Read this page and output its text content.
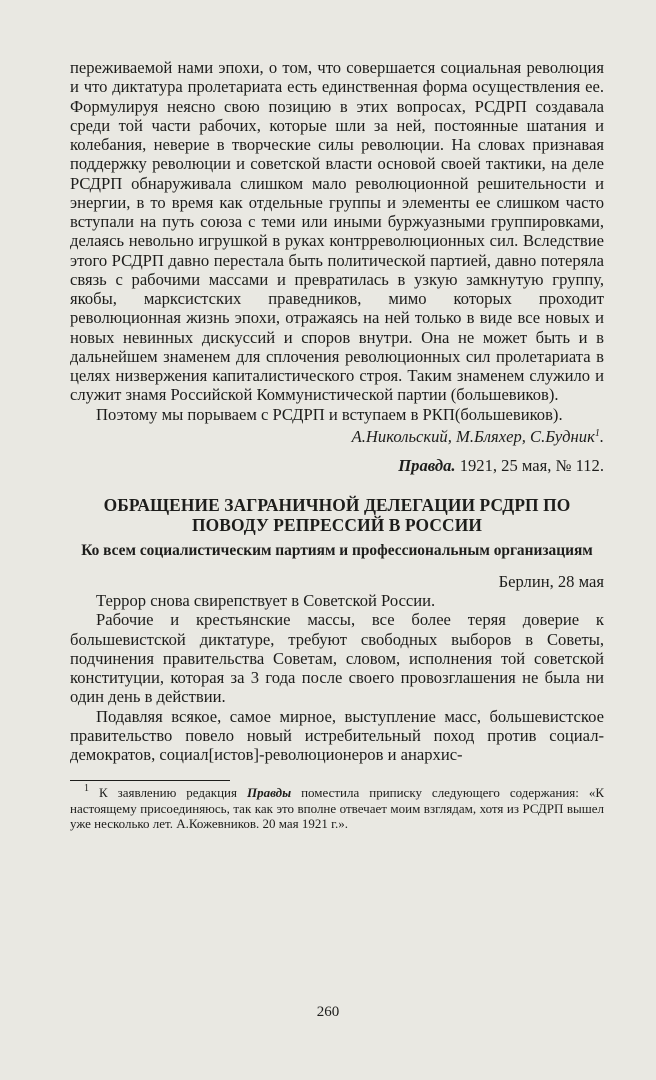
переживаемой нами эпохи, о том, что совершается социальная революция и что диктатура пролетариата есть единственная форма осуществления ее. Формулируя неясно свою позицию в этих вопросах, РСДРП создавала среди той части рабочих, которые шли за ней, постоянные шатания и колебания, неверие в творческие силы революции. На словах признавая поддержку революции и советской власти основой своей тактики, на деле РСДРП обнаруживала слишком мало революционной решительности и энергии, в то время как отдельные группы и элементы ее слишком часто вступали на путь союза с теми или иными буржуазными группировками, делаясь невольно игрушкой в руках контрреволюционных сил. Вследствие этого РСДРП давно перестала быть политической партией, давно потеряла связь с рабочими массами и превратилась в узкую замкнутую группу, якобы, марксистских праведников, мимо которых проходит революционная жизнь эпохи, отражаясь на ней только в виде все новых и новых невинных дискуссий и споров внутри. Она не может быть и в дальнейшем знаменем для сплочения революционных сил пролетариата в целях низвержения капиталистического строя. Таким знаменем служило и служит знамя Российской Коммунистической партии (большевиков).

Поэтому мы порываем с РСДРП и вступаем в РКП(большевиков).

А.Никольский, М.Бляхер, С.Будник$^1$.

Правда. 1921, 25 мая, № 112.

ОБРАЩЕНИЕ ЗАГРАНИЧНОЙ ДЕЛЕГАЦИИ РСДРП ПО ПОВОДУ РЕПРЕССИЙ В РОССИИ

Ко всем социалистическим партиям и профессиональным организациям

Берлин, 28 мая

Террор снова свирепствует в Советской России.

Рабочие и крестьянские массы, все более теряя доверие к большевистской диктатуре, требуют свободных выборов в Советы, подчинения правительства Советам, словом, исполнения той советской конституции, которая за 3 года после своего провозглашения не была ни один день в действии.

Подавляя всякое, самое мирное, выступление масс, большевистское правительство повело новый истребительный поход против социал-демократов, социал[истов]-революционеров и анархис-

$^1$ К заявлению редакция Правды поместила приписку следующего содержания: «К настоящему присоединяюсь, так как это вполне отвечает моим взглядам, хотя из РСДРП вышел уже несколько лет. А.Кожевников. 20 мая 1921 г.».

260
